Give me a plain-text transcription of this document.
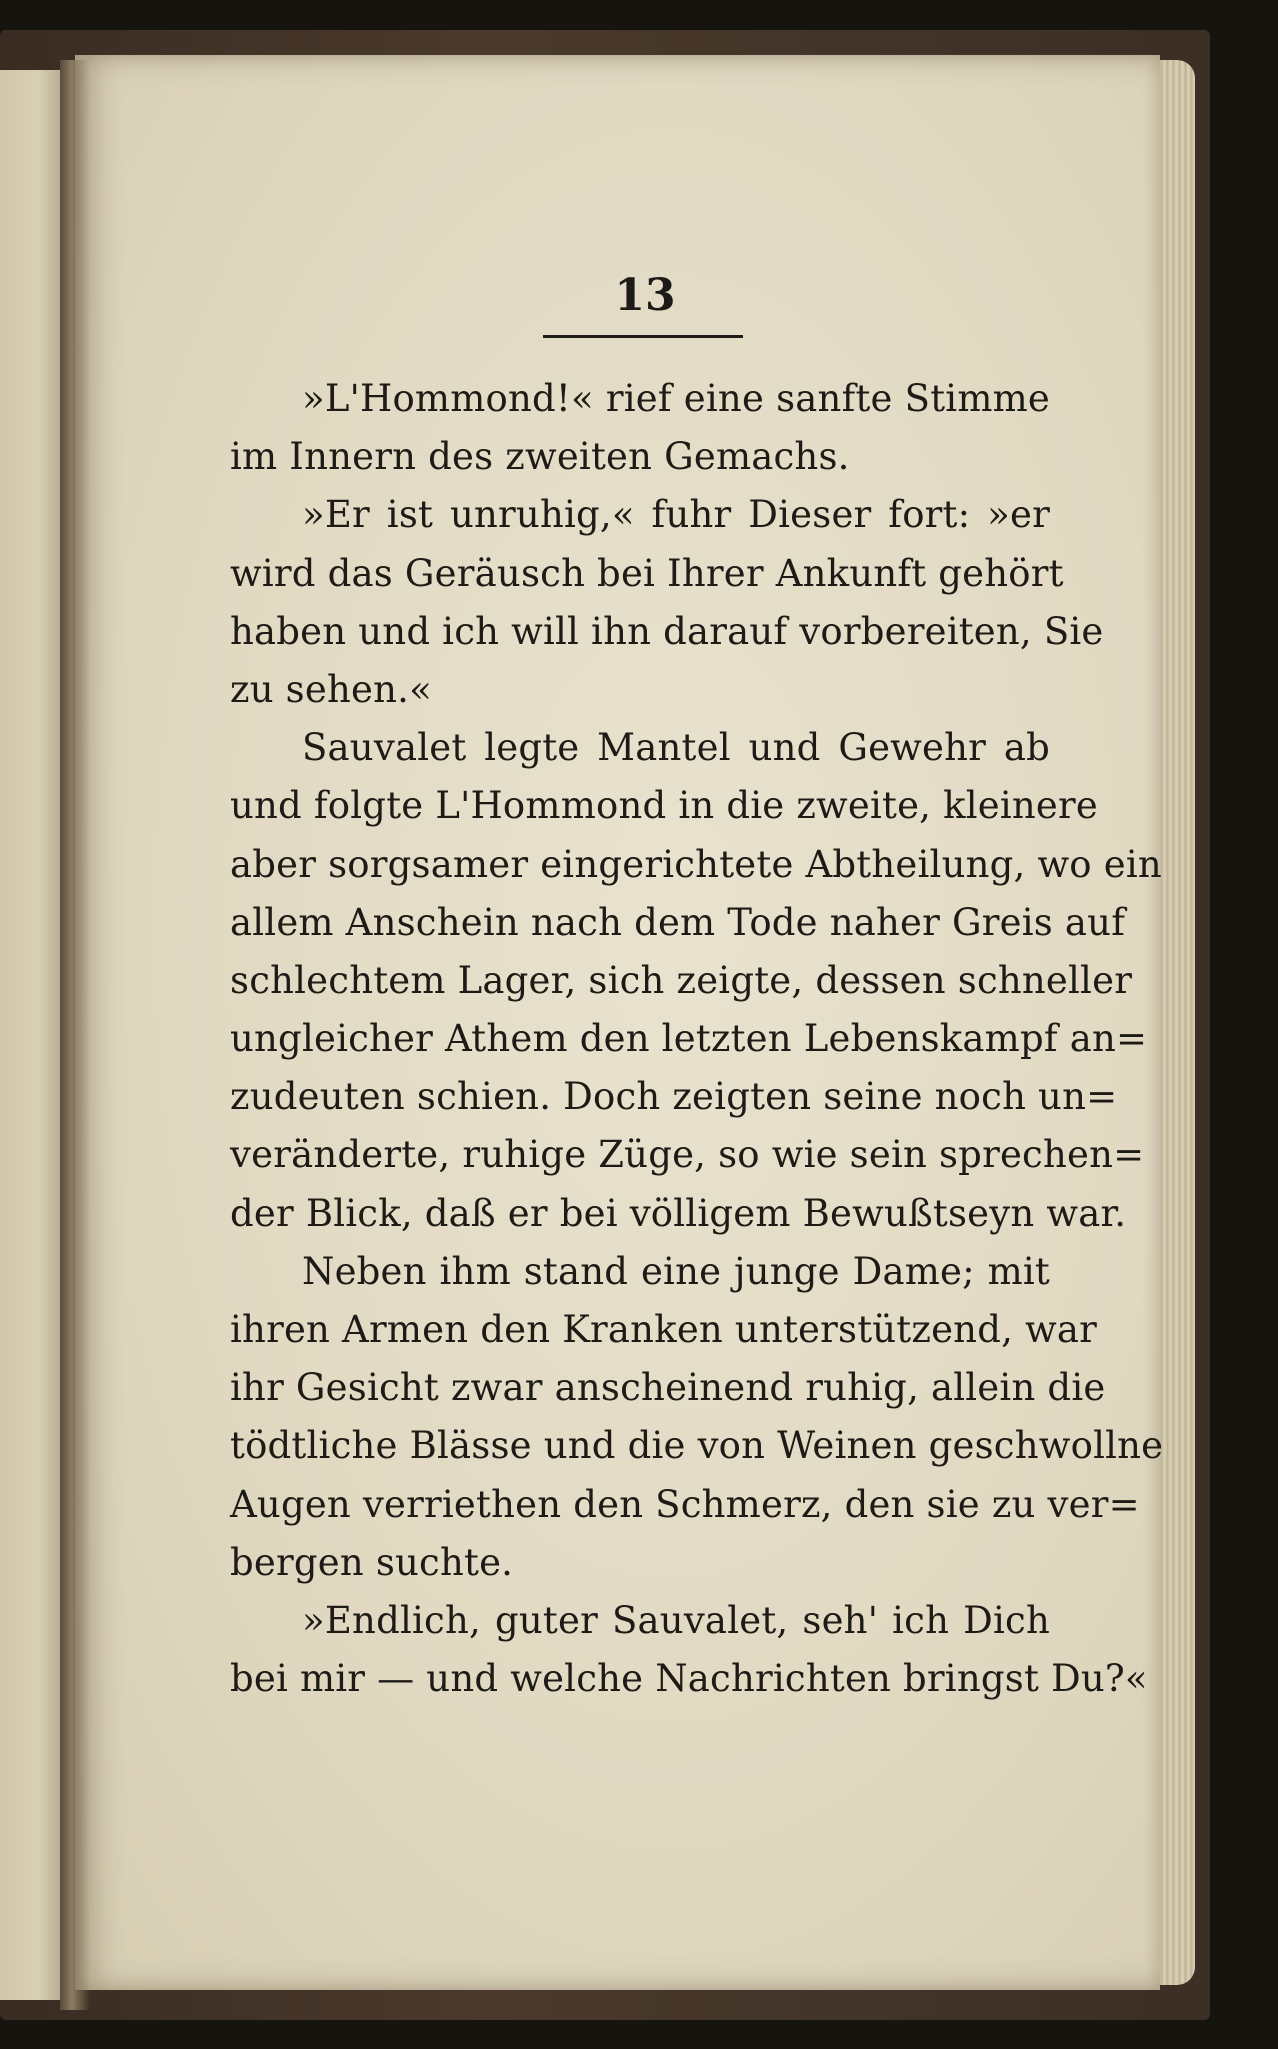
13
»L'Hommond!« rief eine sanfte Stimme
im Innern des zweiten Gemachs.
»Er ist unruhig,« fuhr Dieser fort: »er
wird das Geräusch bei Ihrer Ankunft gehört
haben und ich will ihn darauf vorbereiten, Sie
zu sehen.«
Sauvalet legte Mantel und Gewehr ab
und folgte L'Hommond in die zweite, kleinere
aber sorgsamer eingerichtete Abtheilung, wo ein
allem Anschein nach dem Tode naher Greis auf
schlechtem Lager, sich zeigte, dessen schneller
ungleicher Athem den letzten Lebenskampf an=
zudeuten schien. Doch zeigten seine noch un=
veränderte, ruhige Züge, so wie sein sprechen=
der Blick, daß er bei völligem Bewußtseyn war.
Neben ihm stand eine junge Dame; mit
ihren Armen den Kranken unterstützend, war
ihr Gesicht zwar anscheinend ruhig, allein die
tödtliche Blässe und die von Weinen geschwollne
Augen verriethen den Schmerz, den sie zu ver=
bergen suchte.
»Endlich, guter Sauvalet, seh' ich Dich
bei mir — und welche Nachrichten bringst Du?«
